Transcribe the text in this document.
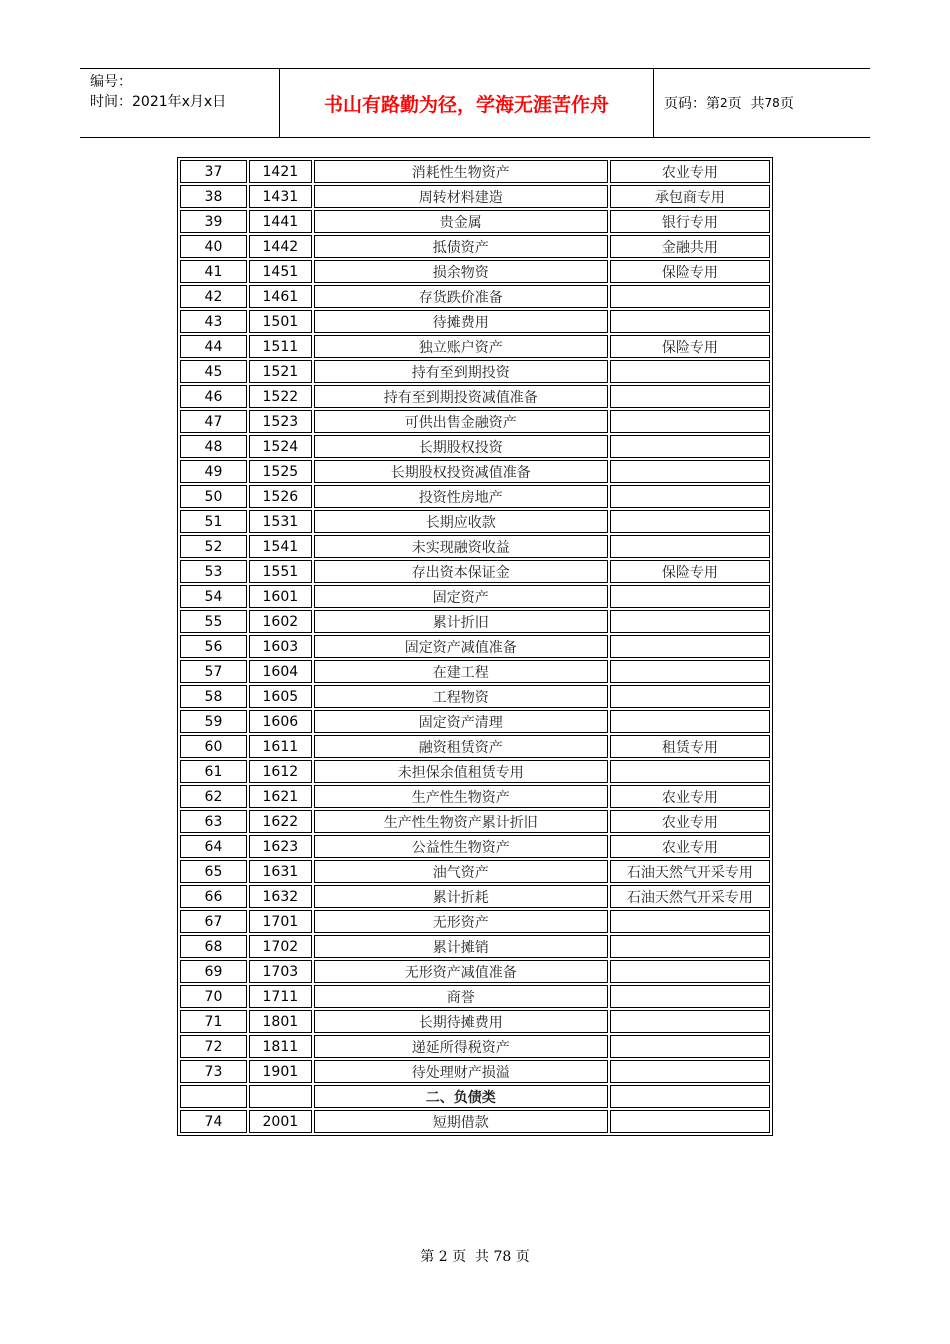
编号：
时间：2021年x月x日	书山有路勤为径，学海无涯苦作舟	页码：第 2 页  共 78 页
37	1421	消耗性生物资产	农业专用
38	1431	周转材料建造	承包商专用
39	1441	贵金属	银行专用
40	1442	抵债资产	金融共用
41	1451	损余物资	保险专用
42	1461	存货跌价准备	
43	1501	待摊费用	
44	1511	独立账户资产	保险专用
45	1521	持有至到期投资	
46	1522	持有至到期投资减值准备	
47	1523	可供出售金融资产	
48	1524	长期股权投资	
49	1525	长期股权投资减值准备	
50	1526	投资性房地产	
51	1531	长期应收款	
52	1541	未实现融资收益	
53	1551	存出资本保证金	保险专用
54	1601	固定资产	
55	1602	累计折旧	
56	1603	固定资产减值准备	
57	1604	在建工程	
58	1605	工程物资	
59	1606	固定资产清理	
60	1611	融资租赁资产	租赁专用
61	1612	未担保余值租赁专用	
62	1621	生产性生物资产	农业专用
63	1622	生产性生物资产累计折旧	农业专用
64	1623	公益性生物资产	农业专用
65	1631	油气资产	石油天然气开采专用
66	1632	累计折耗	石油天然气开采专用
67	1701	无形资产	
68	1702	累计摊销	
69	1703	无形资产减值准备	
70	1711	商誉	
71	1801	长期待摊费用	
72	1811	递延所得税资产	
73	1901	待处理财产损溢	
		二、负债类	
74	2001	短期借款	
第 2 页  共 78 页
